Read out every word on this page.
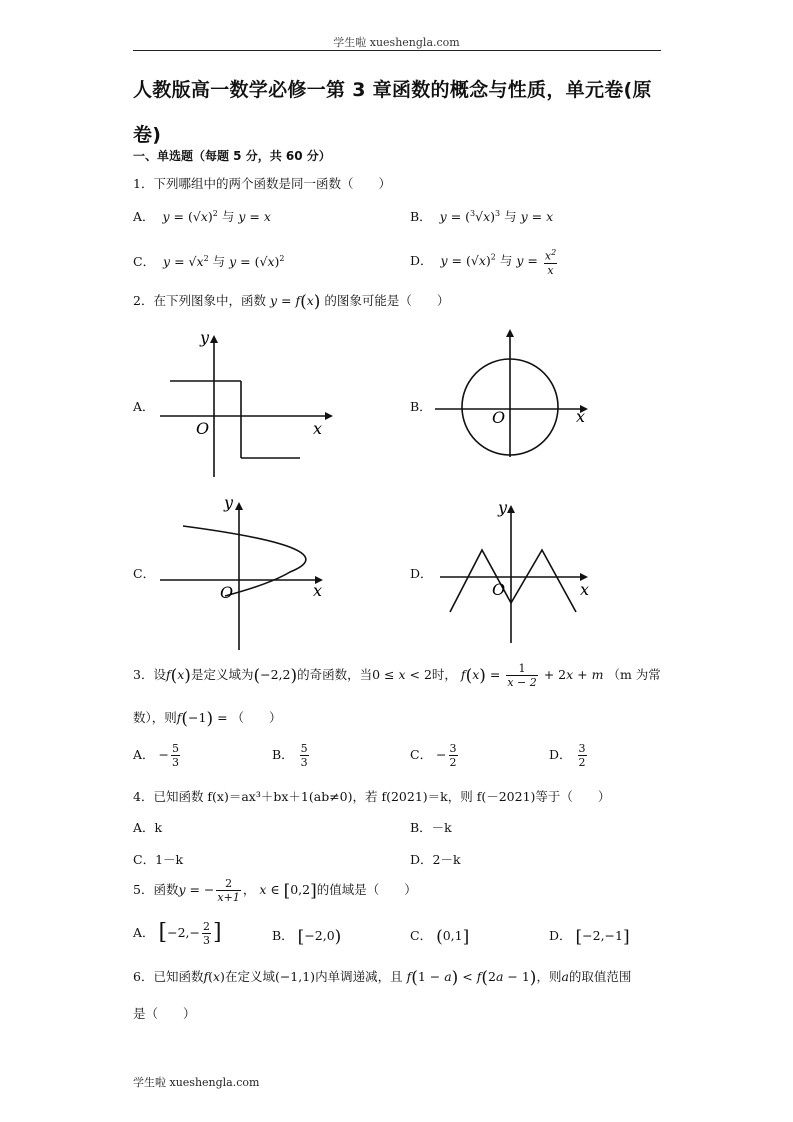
学生啦 xueshengla.com
人教版高一数学必修一第 3 章函数的概念与性质，单元卷(原卷)
一、单选题（每题 5 分，共 60 分）
1．下列哪组中的两个函数是同一函数（　　）
A．  $y = (√x)^2$ 与 y = x	B．  $y = (^3√x)^3$ 与 y = x
C．  $y = √x^2$ 与 $y = (√x)^2$	D．  $y = (√x)^2$ 与 $y = \frac{x^2}{x}$
2．在下列图象中，函数 y = f(x) 的图象可能是（　　）
A．	B．
C．	D．
y
O	x
O	x
y
O	x
y
O	x
3．设f(x)是定义域为(−2,2)的奇函数，当0 ≤ x < 2时， $f(x) = \frac{1}{x - 2} + 2x + m$ （m 为常
数），则f(−1) = （　　）
A． − $\frac{5}{3}$	B． $\frac{5}{3}$	C． − $\frac{3}{2}$	D． $\frac{3}{2}$
4．已知函数 f(x)＝ax³＋bx＋1(ab≠0)，若 f(2021)＝k，则 f(－2021)等于（　　）
A．k	B．－k
C．1－k	D．2－k
5．函数y = − $\frac{2}{x+1}$ ， x ∈ [0,2]的值域是（　　）
A． [$-2,- \frac{2}{3}$ ]	B． [−2,0)	C． (0,1]	D． [−2,−1]
6．已知函数f(x)在定义域(−1,1)内单调递减，且 f(1 − a) < f(2a − 1)，则a的取值范围
是（　　）
学生啦 xueshengla.com
